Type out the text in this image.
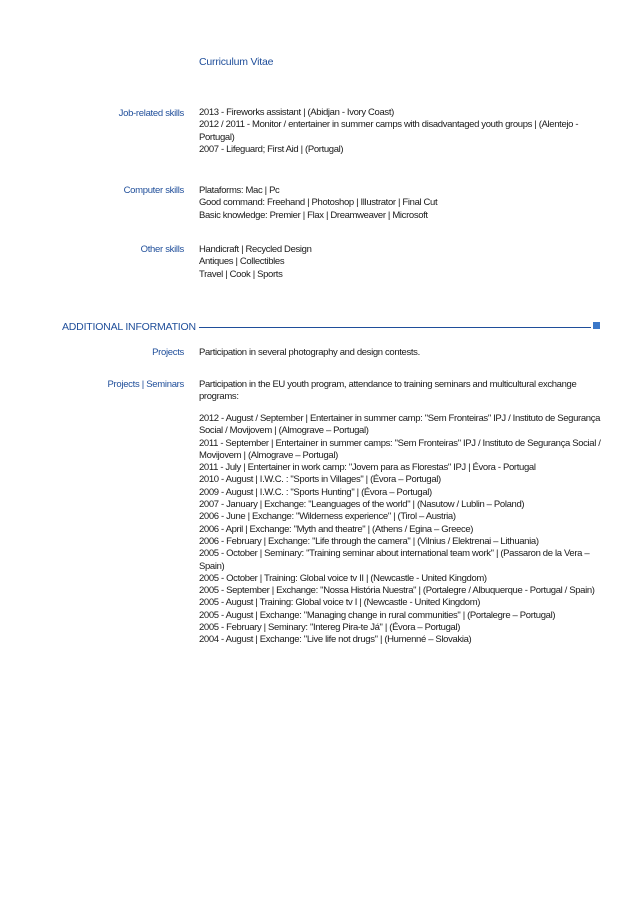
Curriculum Vitae
Job-related skills 2013 - Fireworks assistant | (Abidjan - Ivory Coast)
2012 / 2011 - Monitor / entertainer in summer camps with disadvantaged youth groups | (Alentejo - Portugal)
2007 - Lifeguard; First Aid | (Portugal)
Computer skills Plataforms: Mac | Pc
Good command: Freehand | Photoshop | Illustrator | Final Cut
Basic knowledge: Premier | Flax | Dreamweaver | Microsoft
Other skills Handicraft | Recycled Design
Antiques | Collectibles
Travel | Cook | Sports
ADDITIONAL INFORMATION
Projects Participation in several photography and design contests.
Projects | Seminars Participation in the EU youth program, attendance to training seminars and multicultural exchange programs:
2012 - August / September | Entertainer in summer camp: "Sem Fronteiras" IPJ / Instituto de Segurança Social / Movijovem | (Almograve – Portugal)
2011 - September | Entertainer in summer camps: "Sem Fronteiras" IPJ / Instituto de Segurança Social / Movijovem | (Almograve – Portugal)
2011 - July | Entertainer in work camp: "Jovem para as Florestas" IPJ | Évora - Portugal
2010 - August | I.W.C. : "Sports in Villages" | (Évora – Portugal)
2009 - August | I.W.C. : "Sports Hunting" | (Évora – Portugal)
2007 - January | Exchange: "Leanguages of the world" | (Nasutow / Lublin – Poland)
2006 - June | Exchange: "Wilderness experience" | (Tirol – Austria)
2006 - April | Exchange: "Myth and theatre" | (Athens / Egina – Greece)
2006 - February | Exchange: "Life through the camera" | (Vilnius / Elektrenai – Lithuania)
2005 - October | Seminary: "Training seminar about international team work" | (Passaron de la Vera – Spain)
2005 - October | Training: Global voice tv II | (Newcastle - United Kingdom)
2005 - September | Exchange: "Nossa História Nuestra" | (Portalegre / Albuquerque - Portugal / Spain)
2005 - August | Training: Global voice tv I | (Newcastle - United Kingdom)
2005 - August | Exchange: "Managing change in rural communities" | (Portalegre – Portugal)
2005 - February | Seminary: "Intereg Pira-te Já" | (Évora – Portugal)
2004 - August | Exchange: "Live life not drugs" | (Humenné – Slovakia)
